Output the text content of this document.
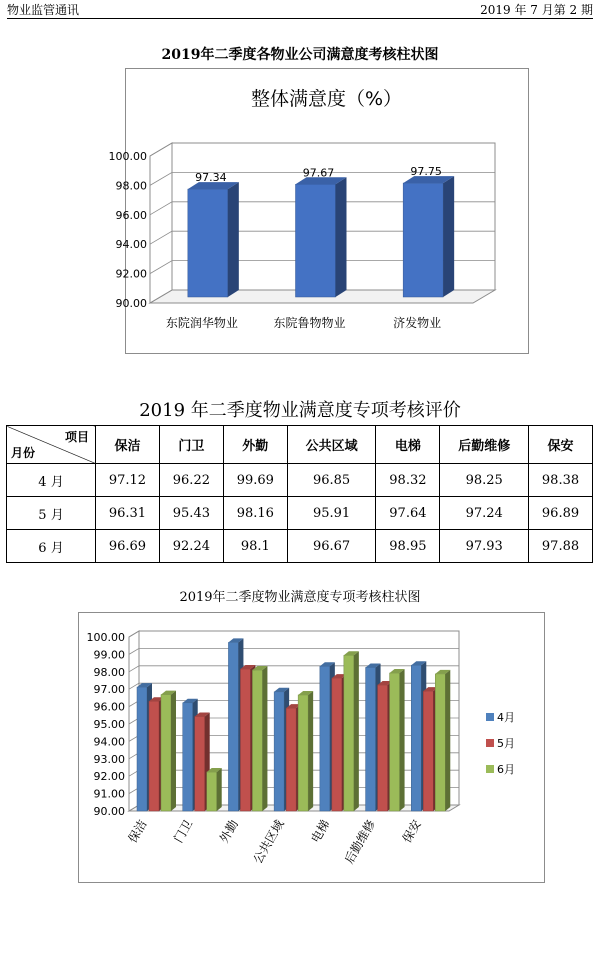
物业监管通讯	2019 年 7 月第 2 期
2019年二季度各物业公司满意度考核柱状图
整体满意度（%）
90.00
92.00
94.00
96.00
98.00
100.00
97.34
东院润华物业
97.67
东院鲁物物业
97.75
济发物业
2019 年二季度物业满意度专项考核评价
项目
月份	保洁	门卫	外勤	公共区域	电梯	后勤维修	保安
4 月	97.12	96.22	99.69	96.85	98.32	98.25	98.38
5 月	96.31	95.43	98.16	95.91	97.64	97.24	96.89
6 月	96.69	92.24	98.1	96.67	98.95	97.93	97.88
2019年二季度物业满意度专项考核柱状图
90.00
91.00
92.00
93.00
94.00
95.00
96.00
97.00
98.00
99.00
100.00
保洁 门卫 外勤 公共区域 电梯 后勤维修 保安
4月
5月
6月
